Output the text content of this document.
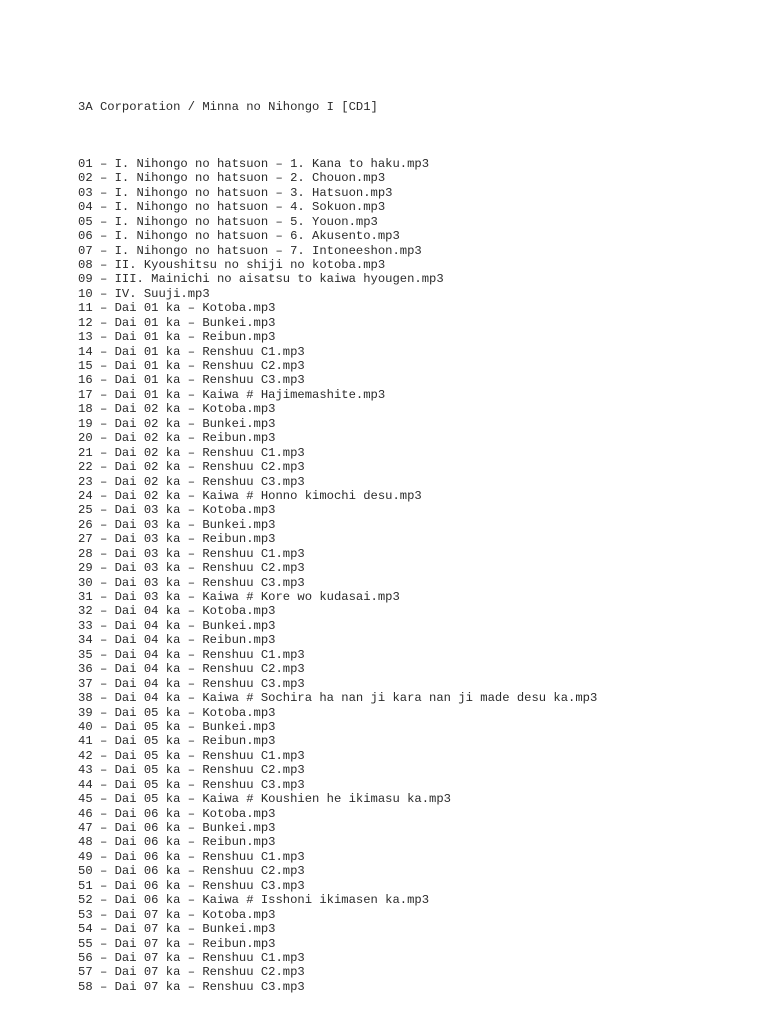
3A Corporation / Minna no Nihongo I [CD1]

01 – I. Nihongo no hatsuon – 1. Kana to haku.mp3
02 – I. Nihongo no hatsuon – 2. Chouon.mp3
03 – I. Nihongo no hatsuon – 3. Hatsuon.mp3
04 – I. Nihongo no hatsuon – 4. Sokuon.mp3
05 – I. Nihongo no hatsuon – 5. Youon.mp3
06 – I. Nihongo no hatsuon – 6. Akusento.mp3
07 – I. Nihongo no hatsuon – 7. Intoneeshon.mp3
08 – II. Kyoushitsu no shiji no kotoba.mp3
09 – III. Mainichi no aisatsu to kaiwa hyougen.mp3
10 – IV. Suuji.mp3
11 – Dai 01 ka – Kotoba.mp3
12 – Dai 01 ka – Bunkei.mp3
13 – Dai 01 ka – Reibun.mp3
14 – Dai 01 ka – Renshuu C1.mp3
15 – Dai 01 ka – Renshuu C2.mp3
16 – Dai 01 ka – Renshuu C3.mp3
17 – Dai 01 ka – Kaiwa # Hajimemashite.mp3
18 – Dai 02 ka – Kotoba.mp3
19 – Dai 02 ka – Bunkei.mp3
20 – Dai 02 ka – Reibun.mp3
21 – Dai 02 ka – Renshuu C1.mp3
22 – Dai 02 ka – Renshuu C2.mp3
23 – Dai 02 ka – Renshuu C3.mp3
24 – Dai 02 ka – Kaiwa # Honno kimochi desu.mp3
25 – Dai 03 ka – Kotoba.mp3
26 – Dai 03 ka – Bunkei.mp3
27 – Dai 03 ka – Reibun.mp3
28 – Dai 03 ka – Renshuu C1.mp3
29 – Dai 03 ka – Renshuu C2.mp3
30 – Dai 03 ka – Renshuu C3.mp3
31 – Dai 03 ka – Kaiwa # Kore wo kudasai.mp3
32 – Dai 04 ka – Kotoba.mp3
33 – Dai 04 ka – Bunkei.mp3
34 – Dai 04 ka – Reibun.mp3
35 – Dai 04 ka – Renshuu C1.mp3
36 – Dai 04 ka – Renshuu C2.mp3
37 – Dai 04 ka – Renshuu C3.mp3
38 – Dai 04 ka – Kaiwa # Sochira ha nan ji kara nan ji made desu ka.mp3
39 – Dai 05 ka – Kotoba.mp3
40 – Dai 05 ka – Bunkei.mp3
41 – Dai 05 ka – Reibun.mp3
42 – Dai 05 ka – Renshuu C1.mp3
43 – Dai 05 ka – Renshuu C2.mp3
44 – Dai 05 ka – Renshuu C3.mp3
45 – Dai 05 ka – Kaiwa # Koushien he ikimasu ka.mp3
46 – Dai 06 ka – Kotoba.mp3
47 – Dai 06 ka – Bunkei.mp3
48 – Dai 06 ka – Reibun.mp3
49 – Dai 06 ka – Renshuu C1.mp3
50 – Dai 06 ka – Renshuu C2.mp3
51 – Dai 06 ka – Renshuu C3.mp3
52 – Dai 06 ka – Kaiwa # Isshoni ikimasen ka.mp3
53 – Dai 07 ka – Kotoba.mp3
54 – Dai 07 ka – Bunkei.mp3
55 – Dai 07 ka – Reibun.mp3
56 – Dai 07 ka – Renshuu C1.mp3
57 – Dai 07 ka – Renshuu C2.mp3
58 – Dai 07 ka – Renshuu C3.mp3
